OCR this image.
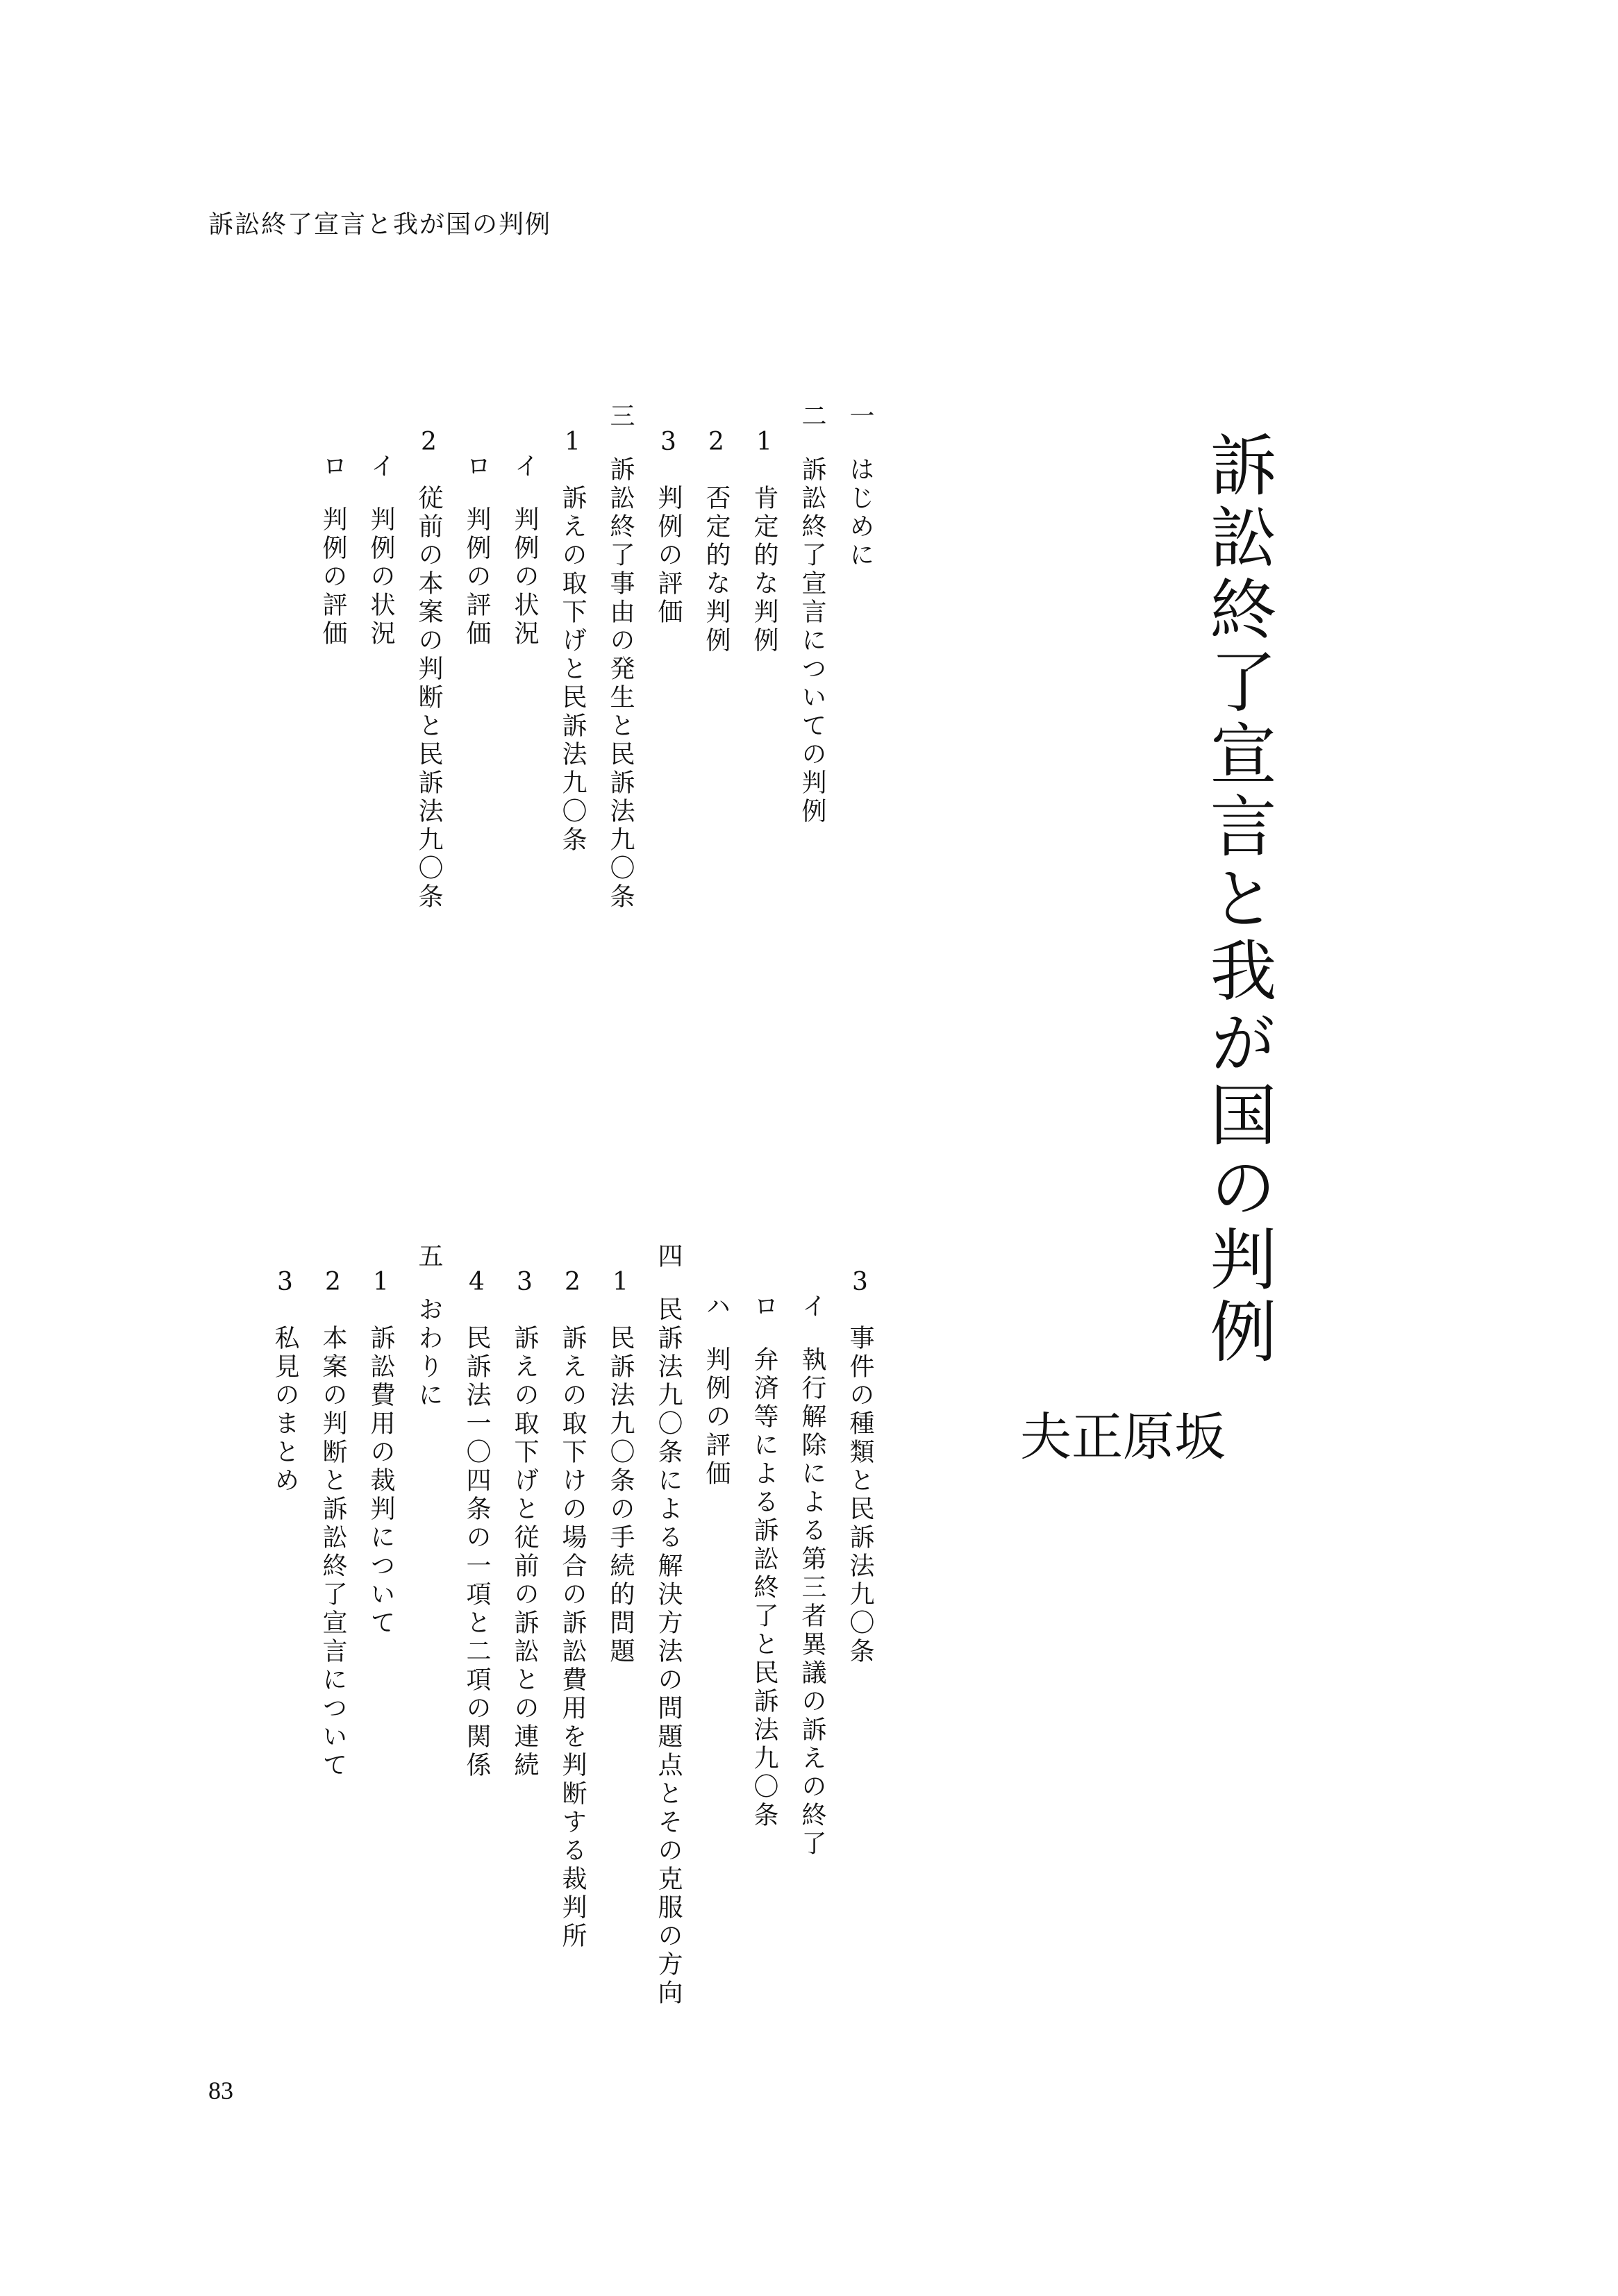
訴訟終了宣言と我が国の判例
訴訟終了宣言と我が国の判例
坂
原
正
夫
一はじめに
二訴訟終了宣言についての判例
1肯定的な判例
2否定的な判例
3判例の評価
三訴訟終了事由の発生と民訴法九〇条
1訴えの取下げと民訴法九〇条
イ判例の状況
ロ判例の評価
2従前の本案の判断と民訴法九〇条
イ判例の状況
ロ判例の評価
3事件の種類と民訴法九〇条
イ執行解除による第三者異議の訴えの終了
ロ弁済等による訴訟終了と民訴法九〇条
ハ判例の評価
四民訴法九〇条による解決方法の問題点とその克服の方向
1民訴法九〇条の手続的問題
2訴えの取下けの場合の訴訟費用を判断する裁判所
3訴えの取下げと従前の訴訟との連続
4民訴法一〇四条の一項と二項の関係
五おわりに
1訴訟費用の裁判について
2本案の判断と訴訟終了宣言について
3私見のまとめ
83
